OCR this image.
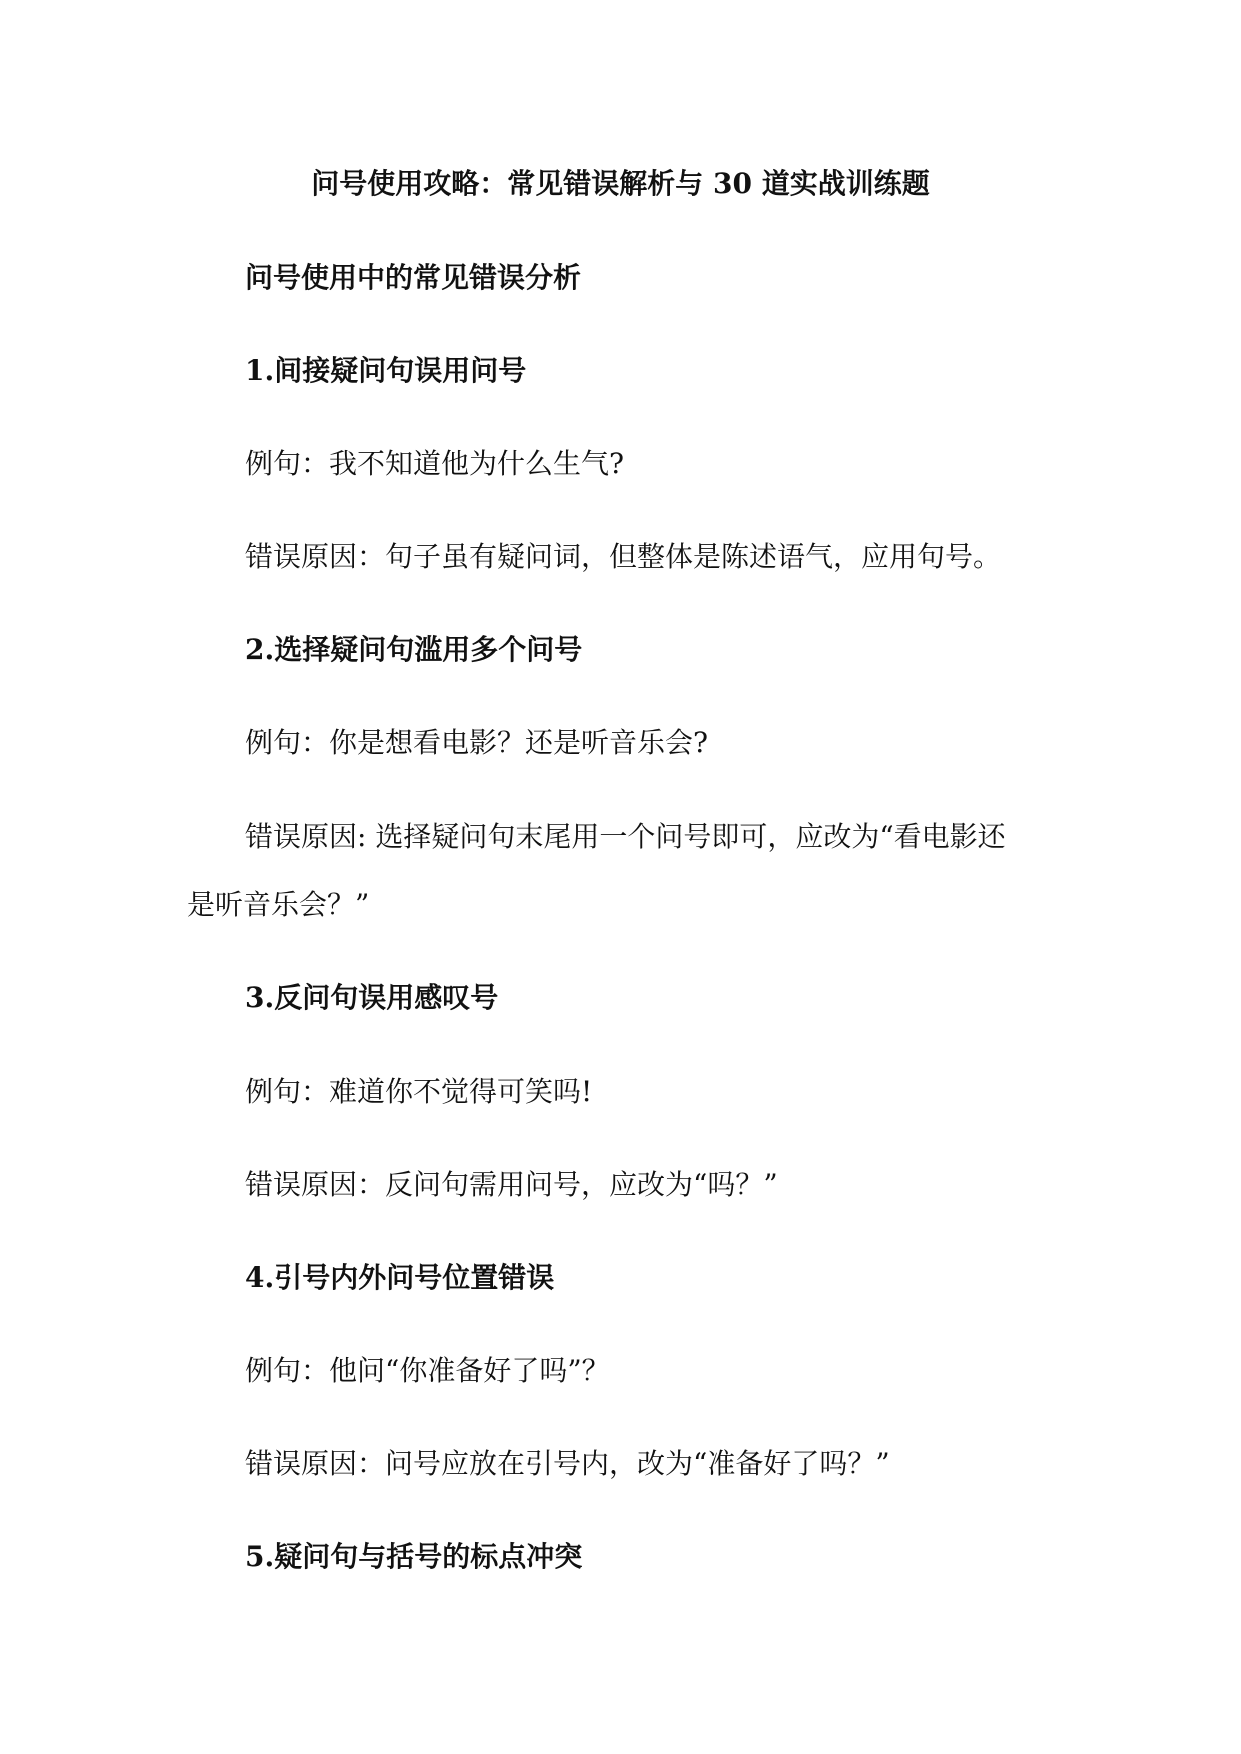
问号使用攻略：常见错误解析与 30 道实战训练题
问号使用中的常见错误分析
1.间接疑问句误用问号
例句：我不知道他为什么生气?
错误原因：句子虽有疑问词，但整体是陈述语气，应用句号。
2.选择疑问句滥用多个问号
例句：你是想看电影？还是听音乐会?
错误原因: 选择疑问句末尾用一个问号即可，应改为“看电影还
是听音乐会？”
3.反问句误用感叹号
例句：难道你不觉得可笑吗!
错误原因：反问句需用问号，应改为“吗？”
4.引号内外问号位置错误
例句：他问“你准备好了吗”？
错误原因：问号应放在引号内，改为“准备好了吗？”
5.疑问句与括号的标点冲突
